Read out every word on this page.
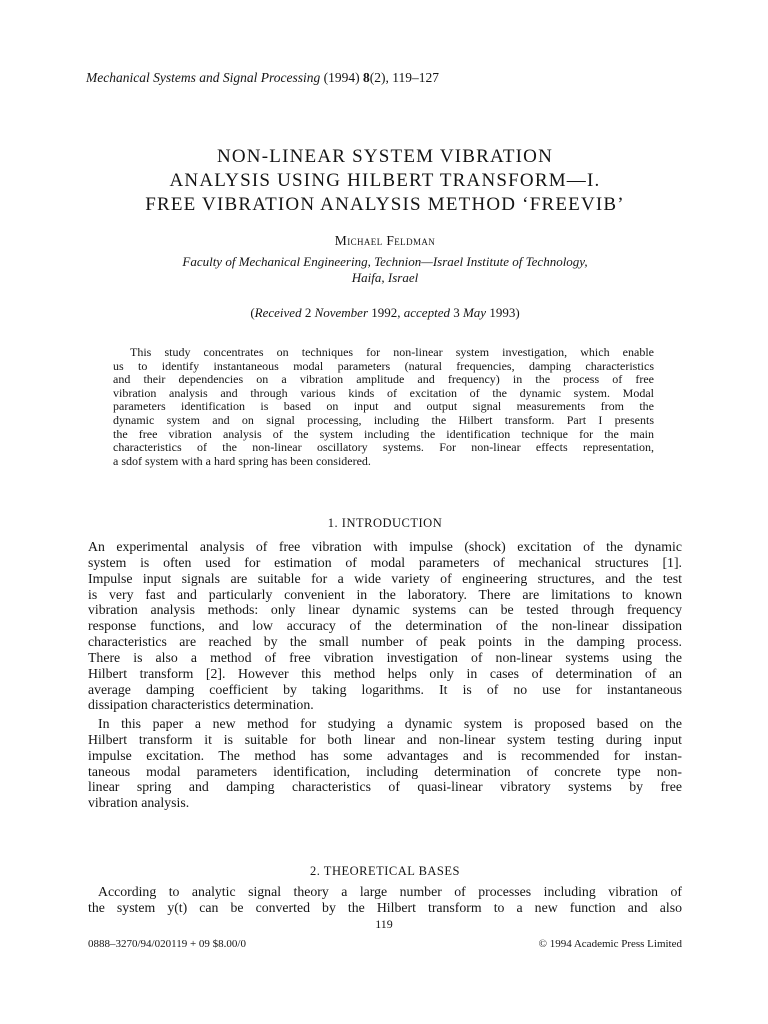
Mechanical Systems and Signal Processing (1994) 8(2), 119–127
NON-LINEAR SYSTEM VIBRATION
ANALYSIS USING HILBERT TRANSFORM—I.
FREE VIBRATION ANALYSIS METHOD ‘FREEVIB’
Michael Feldman
Faculty of Mechanical Engineering, Technion—Israel Institute of Technology,
Haifa, Israel
(Received 2 November 1992, accepted 3 May 1993)

This study concentrates on techniques for non-linear system investigation, which enable
us to identify instantaneous modal parameters (natural frequencies, damping characteristics
and their dependencies on a vibration amplitude and frequency) in the process of free
vibration analysis and through various kinds of excitation of the dynamic system. Modal
parameters identification is based on input and output signal measurements from the
dynamic system and on signal processing, including the Hilbert transform. Part I presents
the free vibration analysis of the system including the identification technique for the main
characteristics of the non-linear oscillatory systems. For non-linear effects representation,
a sdof system with a hard spring has been considered.

1. INTRODUCTION

An experimental analysis of free vibration with impulse (shock) excitation of the dynamic
system is often used for estimation of modal parameters of mechanical structures [1].
Impulse input signals are suitable for a wide variety of engineering structures, and the test
is very fast and particularly convenient in the laboratory. There are limitations to known
vibration analysis methods: only linear dynamic systems can be tested through frequency
response functions, and low accuracy of the determination of the non-linear dissipation
characteristics are reached by the small number of peak points in the damping process.
There is also a method of free vibration investigation of non-linear systems using the
Hilbert transform [2]. However this method helps only in cases of determination of an
average damping coefficient by taking logarithms. It is of no use for instantaneous
dissipation characteristics determination.

In this paper a new method for studying a dynamic system is proposed based on the
Hilbert transform it is suitable for both linear and non-linear system testing during input
impulse excitation. The method has some advantages and is recommended for instan-
taneous modal parameters identification, including determination of concrete type non-
linear spring and damping characteristics of quasi-linear vibratory systems by free
vibration analysis.

2. THEORETICAL BASES

According to analytic signal theory a large number of processes including vibration of
the system y(t) can be converted by the Hilbert transform to a new function and also

119
0888–3270/94/020119 + 09 $8.00/0	© 1994 Academic Press Limited
